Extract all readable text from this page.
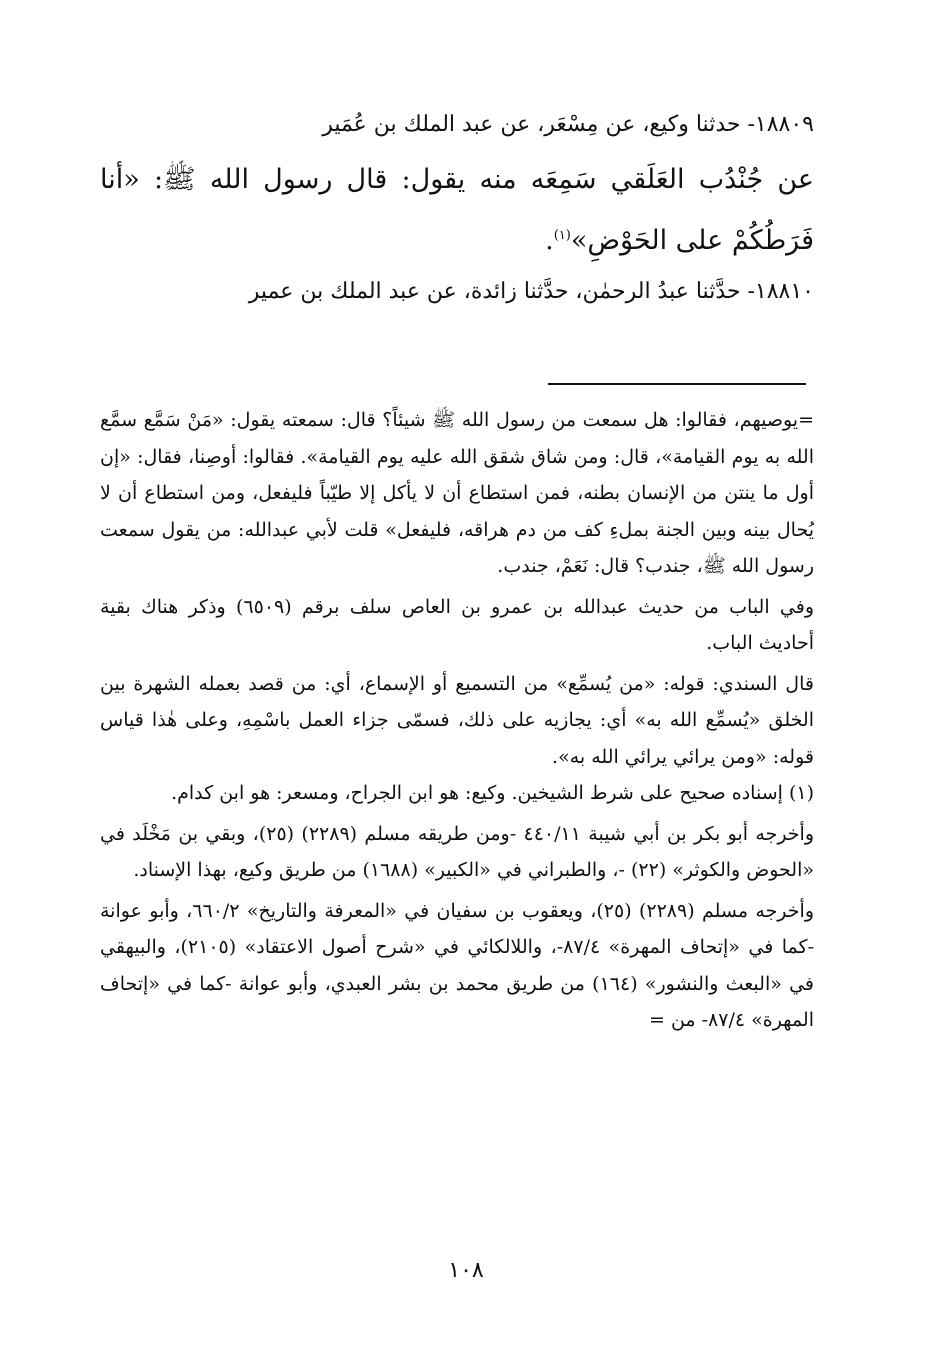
١٨٨٠٩- حدثنا وكيع، عن مِسْعَر، عن عبد الملك بن عُمَير

عن جُنْدُب العَلَقي سَمِعَه منه يقول: قال رسول الله ﷺ: «أنا فَرَطُكُمْ على الحَوْضِ»$^{(١)}$.

١٨٨١٠- حدَّثنا عبدُ الرحمٰن، حدَّثنا زائدة، عن عبد الملك بن عمير

=يوصيهم، فقالوا: هل سمعت من رسول الله ﷺ شيئاً؟ قال: سمعته يقول: «مَنْ سَمَّع سمَّع الله به يوم القيامة»، قال: ومن شاق شقق الله عليه يوم القيامة». فقالوا: أوصِنا، فقال: «إن أول ما ينتن من الإنسان بطنه، فمن استطاع أن لا يأكل إلا طيّباً فليفعل، ومن استطاع أن لا يُحال بينه وبين الجنة بملءِ كف من دم هراقه، فليفعل» قلت لأبي عبدالله: من يقول سمعت رسول الله ﷺ، جندب؟ قال: نَعَمْ، جندب.

وفي الباب من حديث عبدالله بن عمرو بن العاص سلف برقم (٦٥٠٩) وذكر هناك بقية أحاديث الباب.

قال السندي: قوله: «من يُسمِّع» من التسميع أو الإسماع، أي: من قصد بعمله الشهرة بين الخلق «يُسمِّع الله به» أي: يجازيه على ذلك، فسمّى جزاء العمل باسْمِهِ، وعلى هٰذا قياس قوله: «ومن يرائي يرائي الله به».

(١) إسناده صحيح على شرط الشيخين. وكيع: هو ابن الجراح، ومسعر: هو ابن كدام.

وأخرجه أبو بكر بن أبي شيبة ٤٤٠/١١ -ومن طريقه مسلم (٢٢٨٩) (٢٥)، وبقي بن مَخْلَد في «الحوض والكوثر» (٢٢) -، والطبراني في «الكبير» (١٦٨٨) من طريق وكيع، بهذا الإسناد.

وأخرجه مسلم (٢٢٨٩) (٢٥)، ويعقوب بن سفيان في «المعرفة والتاريخ» ٦٦٠/٢، وأبو عوانة -كما في «إتحاف المهرة» ٨٧/٤-، واللالكائي في «شرح أصول الاعتقاد» (٢١٠٥)، والبيهقي في «البعث والنشور» (١٦٤) من طريق محمد بن بشر العبدي، وأبو عوانة -كما في «إتحاف المهرة» ٨٧/٤- من =

١٠٨
